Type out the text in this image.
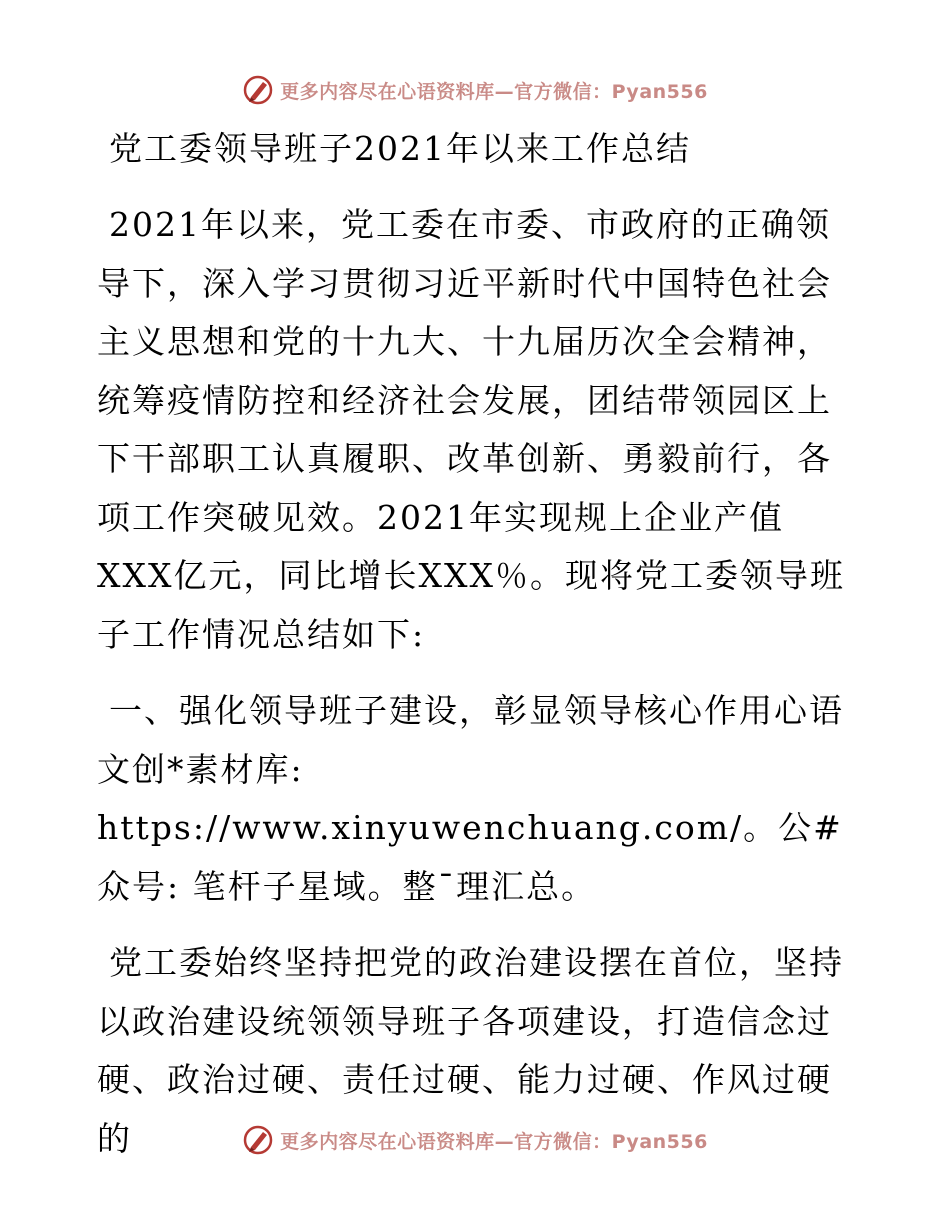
更多内容尽在心语资料库—官方微信：Pyan556
党工委领导班子2021年以来工作总结

2021年以来，党工委在市委、市政府的正确领导下，深入学习贯彻习近平新时代中国特色社会主义思想和党的十九大、十九届历次全会精神，统筹疫情防控和经济社会发展，团结带领园区上下干部职工认真履职、改革创新、勇毅前行，各项工作突破见效。2021年实现规上企业产值XXX亿元，同比增长XXX％。现将党工委领导班子工作情况总结如下:

一、强化领导班子建设，彰显领导核心作用心语文创*素材库: https://www.xinyuwenchuang.com/。公#众号: 笔杆子星域。整¯理汇总。

党工委始终坚持把党的政治建设摆在首位，坚持以政治建设统领领导班子各项建设，打造信念过硬、政治过硬、责任过硬、能力过硬、作风过硬的	更多内容尽在心语资料库—官方微信：Pyan556
